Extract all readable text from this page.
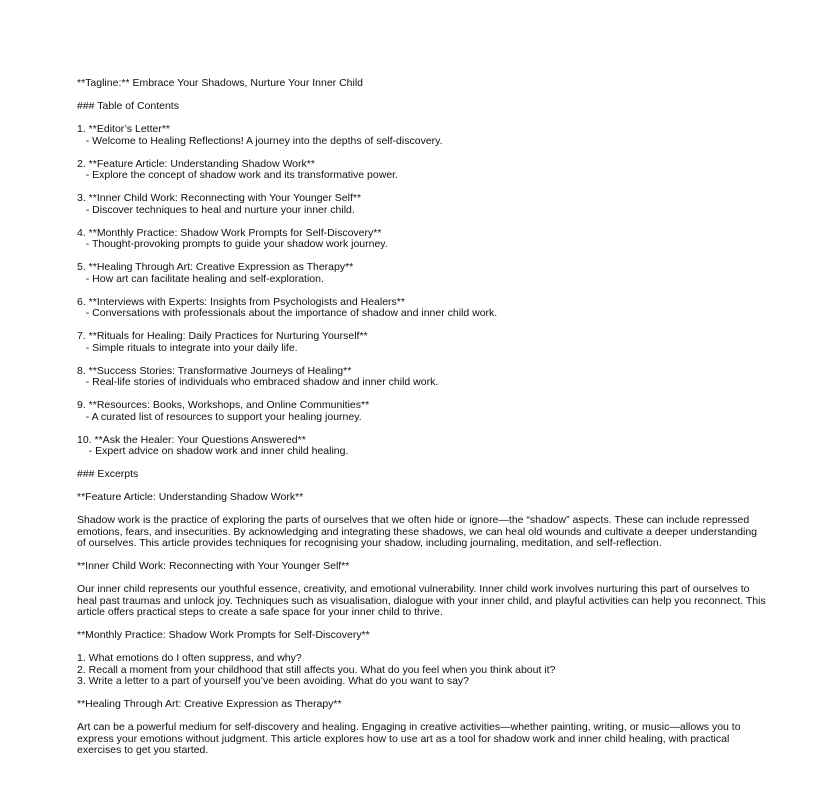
**Tagline:** Embrace Your Shadows, Nurture Your Inner Child
### Table of Contents
1. **Editor’s Letter**
- Welcome to Healing Reflections! A journey into the depths of self-discovery.
2. **Feature Article: Understanding Shadow Work**
- Explore the concept of shadow work and its transformative power.
3. **Inner Child Work: Reconnecting with Your Younger Self**
- Discover techniques to heal and nurture your inner child.
4. **Monthly Practice: Shadow Work Prompts for Self-Discovery**
- Thought-provoking prompts to guide your shadow work journey.
5. **Healing Through Art: Creative Expression as Therapy**
- How art can facilitate healing and self-exploration.
6. **Interviews with Experts: Insights from Psychologists and Healers**
- Conversations with professionals about the importance of shadow and inner child work.
7. **Rituals for Healing: Daily Practices for Nurturing Yourself**
- Simple rituals to integrate into your daily life.
8. **Success Stories: Transformative Journeys of Healing**
- Real-life stories of individuals who embraced shadow and inner child work.
9. **Resources: Books, Workshops, and Online Communities**
- A curated list of resources to support your healing journey.
10. **Ask the Healer: Your Questions Answered**
- Expert advice on shadow work and inner child healing.
### Excerpts
**Feature Article: Understanding Shadow Work**
Shadow work is the practice of exploring the parts of ourselves that we often hide or ignore—the “shadow” aspects. These can include repressed emotions, fears, and insecurities. By acknowledging and integrating these shadows, we can heal old wounds and cultivate a deeper understanding of ourselves. This article provides techniques for recognising your shadow, including journaling, meditation, and self-reflection.
**Inner Child Work: Reconnecting with Your Younger Self**
Our inner child represents our youthful essence, creativity, and emotional vulnerability. Inner child work involves nurturing this part of ourselves to heal past traumas and unlock joy. Techniques such as visualisation, dialogue with your inner child, and playful activities can help you reconnect. This article offers practical steps to create a safe space for your inner child to thrive.
**Monthly Practice: Shadow Work Prompts for Self-Discovery**
1. What emotions do I often suppress, and why?
2. Recall a moment from your childhood that still affects you. What do you feel when you think about it?
3. Write a letter to a part of yourself you’ve been avoiding. What do you want to say?
**Healing Through Art: Creative Expression as Therapy**
Art can be a powerful medium for self-discovery and healing. Engaging in creative activities—whether painting, writing, or music—allows you to express your emotions without judgment. This article explores how to use art as a tool for shadow work and inner child healing, with practical exercises to get you started.
